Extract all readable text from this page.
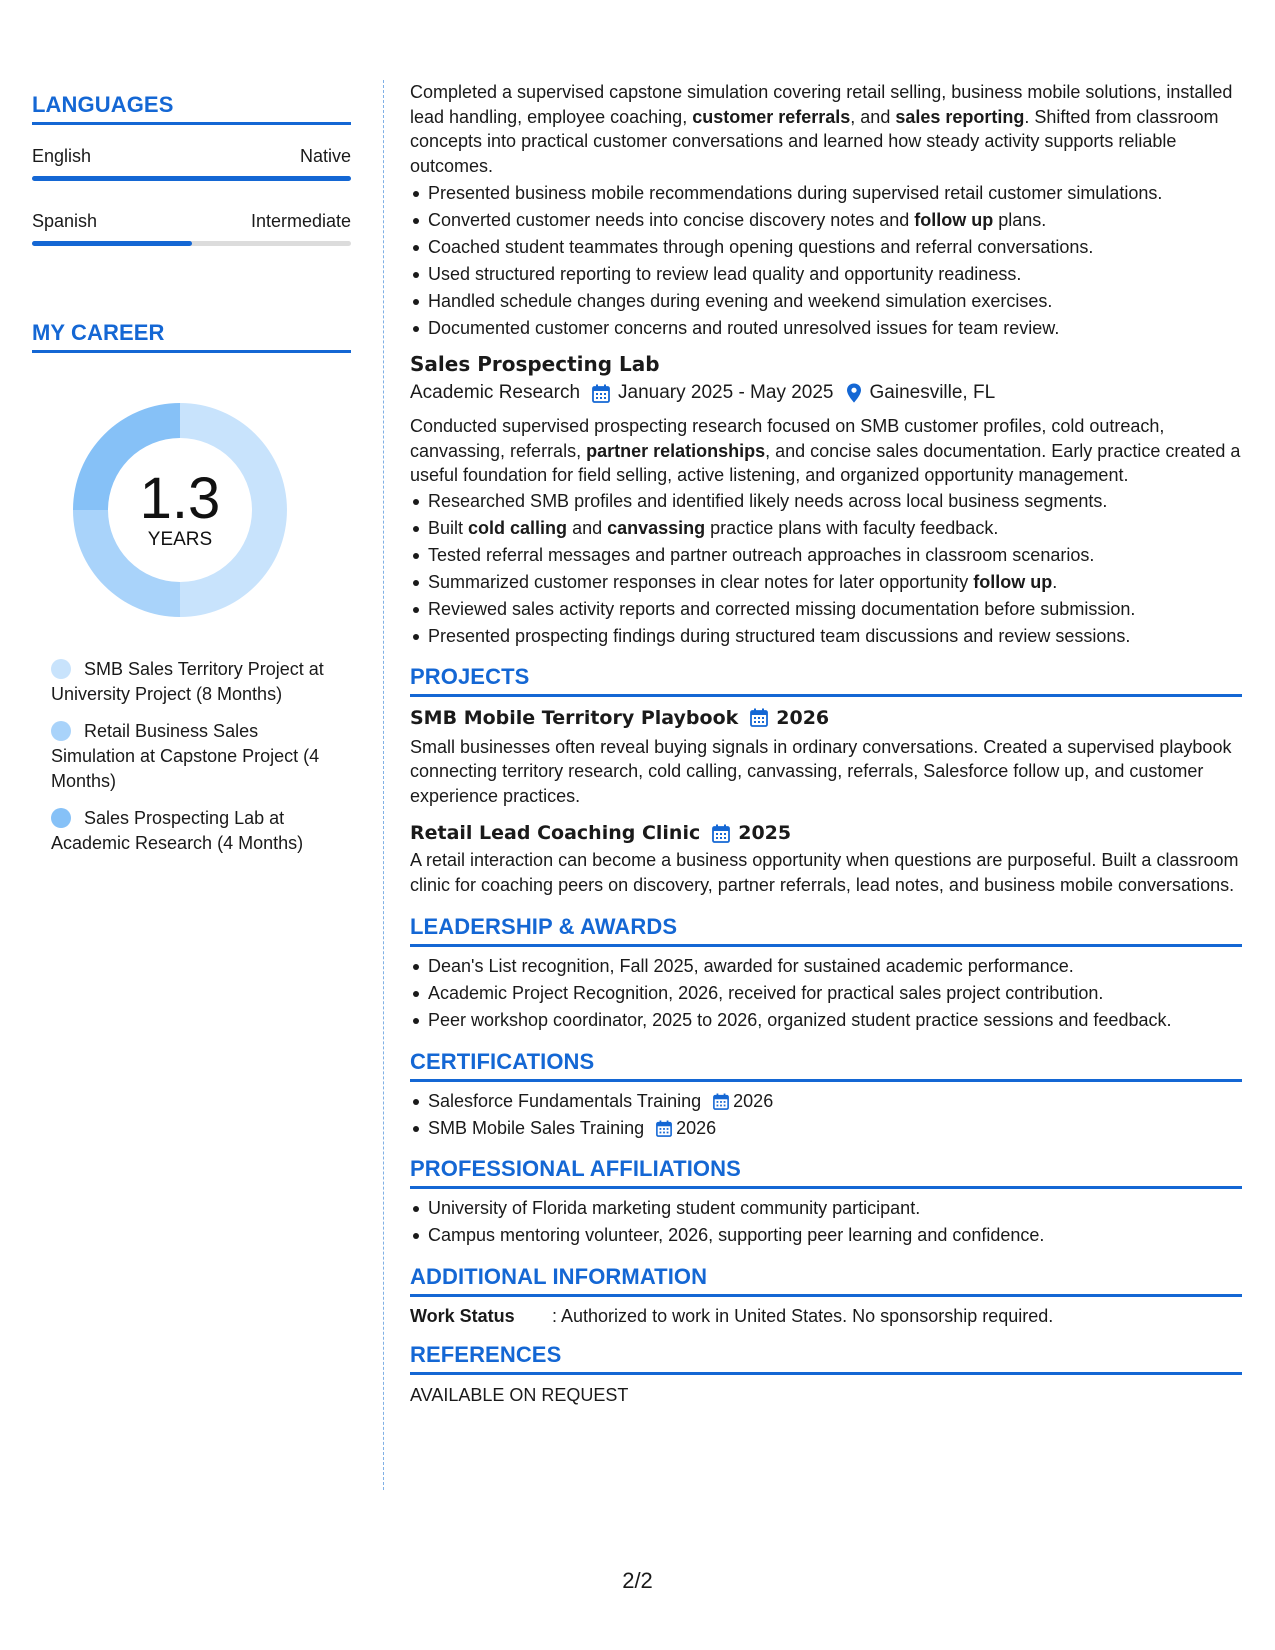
LANGUAGES
English	Native
Spanish	Intermediate
MY CAREER
1.3
YEARS
SMB Sales Territory Project at University Project (8 Months)
Retail Business Sales Simulation at Capstone Project (4 Months)
Sales Prospecting Lab at Academic Research (4 Months)

Completed a supervised capstone simulation covering retail selling, business mobile solutions, installed lead handling, employee coaching, customer referrals, and sales reporting. Shifted from classroom concepts into practical customer conversations and learned how steady activity supports reliable outcomes.

Presented business mobile recommendations during supervised retail customer simulations.
Converted customer needs into concise discovery notes and follow up plans.
Coached student teammates through opening questions and referral conversations.
Used structured reporting to review lead quality and opportunity readiness.
Handled schedule changes during evening and weekend simulation exercises.
Documented customer concerns and routed unresolved issues for team review.
Sales Prospecting Lab
Academic Research January 2025 - May 2025 Gainesville, FL

Conducted supervised prospecting research focused on SMB customer profiles, cold outreach, canvassing, referrals, partner relationships, and concise sales documentation. Early practice created a useful foundation for field selling, active listening, and organized opportunity management.

Researched SMB profiles and identified likely needs across local business segments.
Built cold calling and canvassing practice plans with faculty feedback.
Tested referral messages and partner outreach approaches in classroom scenarios.
Summarized customer responses in clear notes for later opportunity follow up.
Reviewed sales activity reports and corrected missing documentation before submission.
Presented prospecting findings during structured team discussions and review sessions.
PROJECTS
SMB Mobile Territory Playbook 2026

Small businesses often reveal buying signals in ordinary conversations. Created a supervised playbook connecting territory research, cold calling, canvassing, referrals, Salesforce follow up, and customer experience practices.

Retail Lead Coaching Clinic 2025

A retail interaction can become a business opportunity when questions are purposeful. Built a classroom clinic for coaching peers on discovery, partner referrals, lead notes, and business mobile conversations.

LEADERSHIP & AWARDS
Dean's List recognition, Fall 2025, awarded for sustained academic performance.
Academic Project Recognition, 2026, received for practical sales project contribution.
Peer workshop coordinator, 2025 to 2026, organized student practice sessions and feedback.
CERTIFICATIONS
Salesforce Fundamentals Training 2026
SMB Mobile Sales Training 2026
PROFESSIONAL AFFILIATIONS
University of Florida marketing student community participant.
Campus mentoring volunteer, 2026, supporting peer learning and confidence.
ADDITIONAL INFORMATION
Work Status	: Authorized to work in United States. No sponsorship required.
REFERENCES

AVAILABLE ON REQUEST

2/2
